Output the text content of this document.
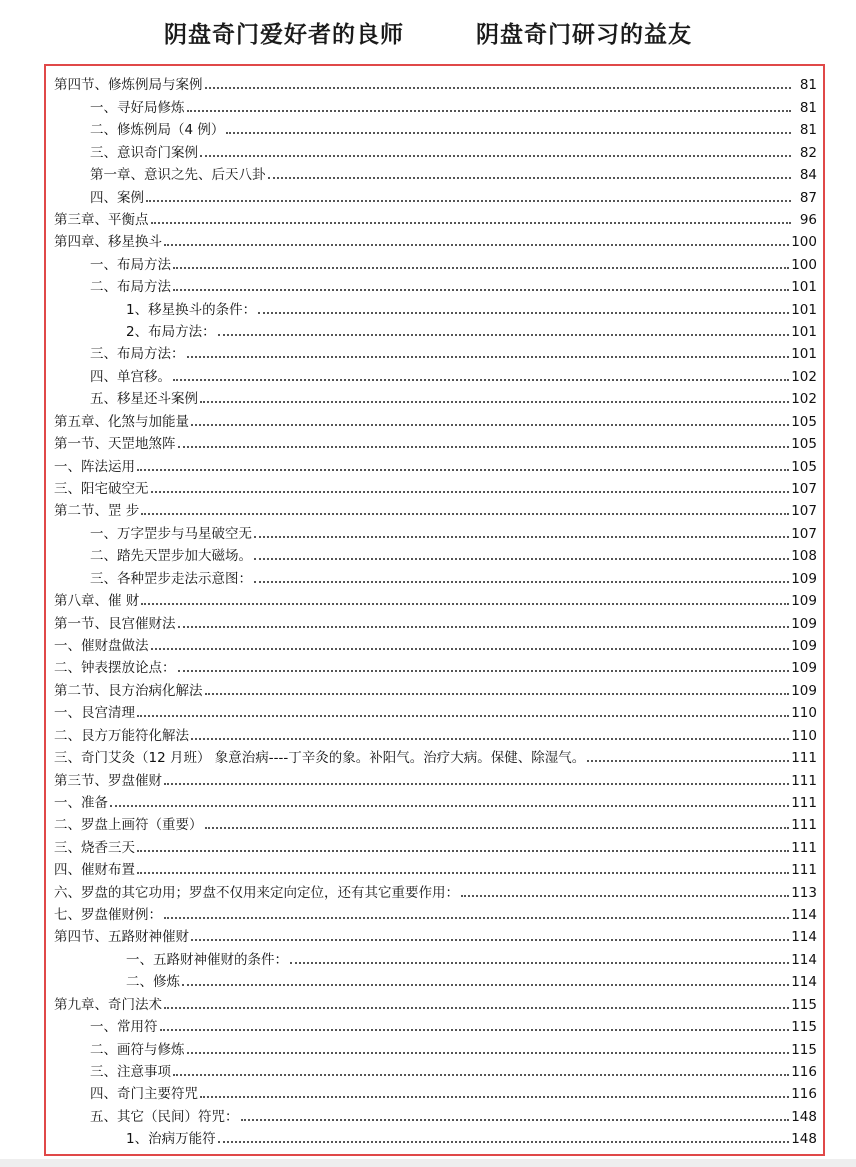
阴盘奇门爱好者的良师　　　	阴盘奇门研习的益友
第四节、修炼例局与案例	81
一、寻好局修炼	81
二、修炼例局（4 例）	81
三、意识奇门案例	82
第一章、意识之先、后天八卦	84
四、案例	87
第三章、平衡点	96
第四章、移星换斗	100
一、布局方法	100
二、布局方法	101
1、移星换斗的条件：	101
2、布局方法：	101
三、布局方法：	101
四、单宫移。	102
五、移星还斗案例	102
第五章、化煞与加能量	105
第一节、天罡地煞阵	105
一、阵法运用	105
三、阳宅破空无	107
第二节、罡 步	107
一、万字罡步与马星破空无	107
二、踏先天罡步加大磁场。	108
三、各种罡步走法示意图：	109
第八章、催 财	109
第一节、艮宫催财法	109
一、催财盘做法	109
二、钟表摆放论点：	109
第二节、艮方治病化解法	109
一、艮宫清理	110
二、艮方万能符化解法	110
三、奇门艾灸（12 月班） 象意治病----丁辛灸的象。补阳气。治疗大病。保健、除湿气。	111
第三节、罗盘催财	111
一、准备	111
二、罗盘上画符（重要）	111
三、烧香三天	111
四、催财布置	111
六、罗盘的其它功用；罗盘不仅用来定向定位，还有其它重要作用：	113
七、罗盘催财例：	114
第四节、五路财神催财	114
一、五路财神催财的条件：	114
二、修炼	114
第九章、奇门法术	115
一、常用符	115
二、画符与修炼	115
三、注意事项	116
四、奇门主要符咒	116
五、其它（民间）符咒：	148
1、治病万能符	148
